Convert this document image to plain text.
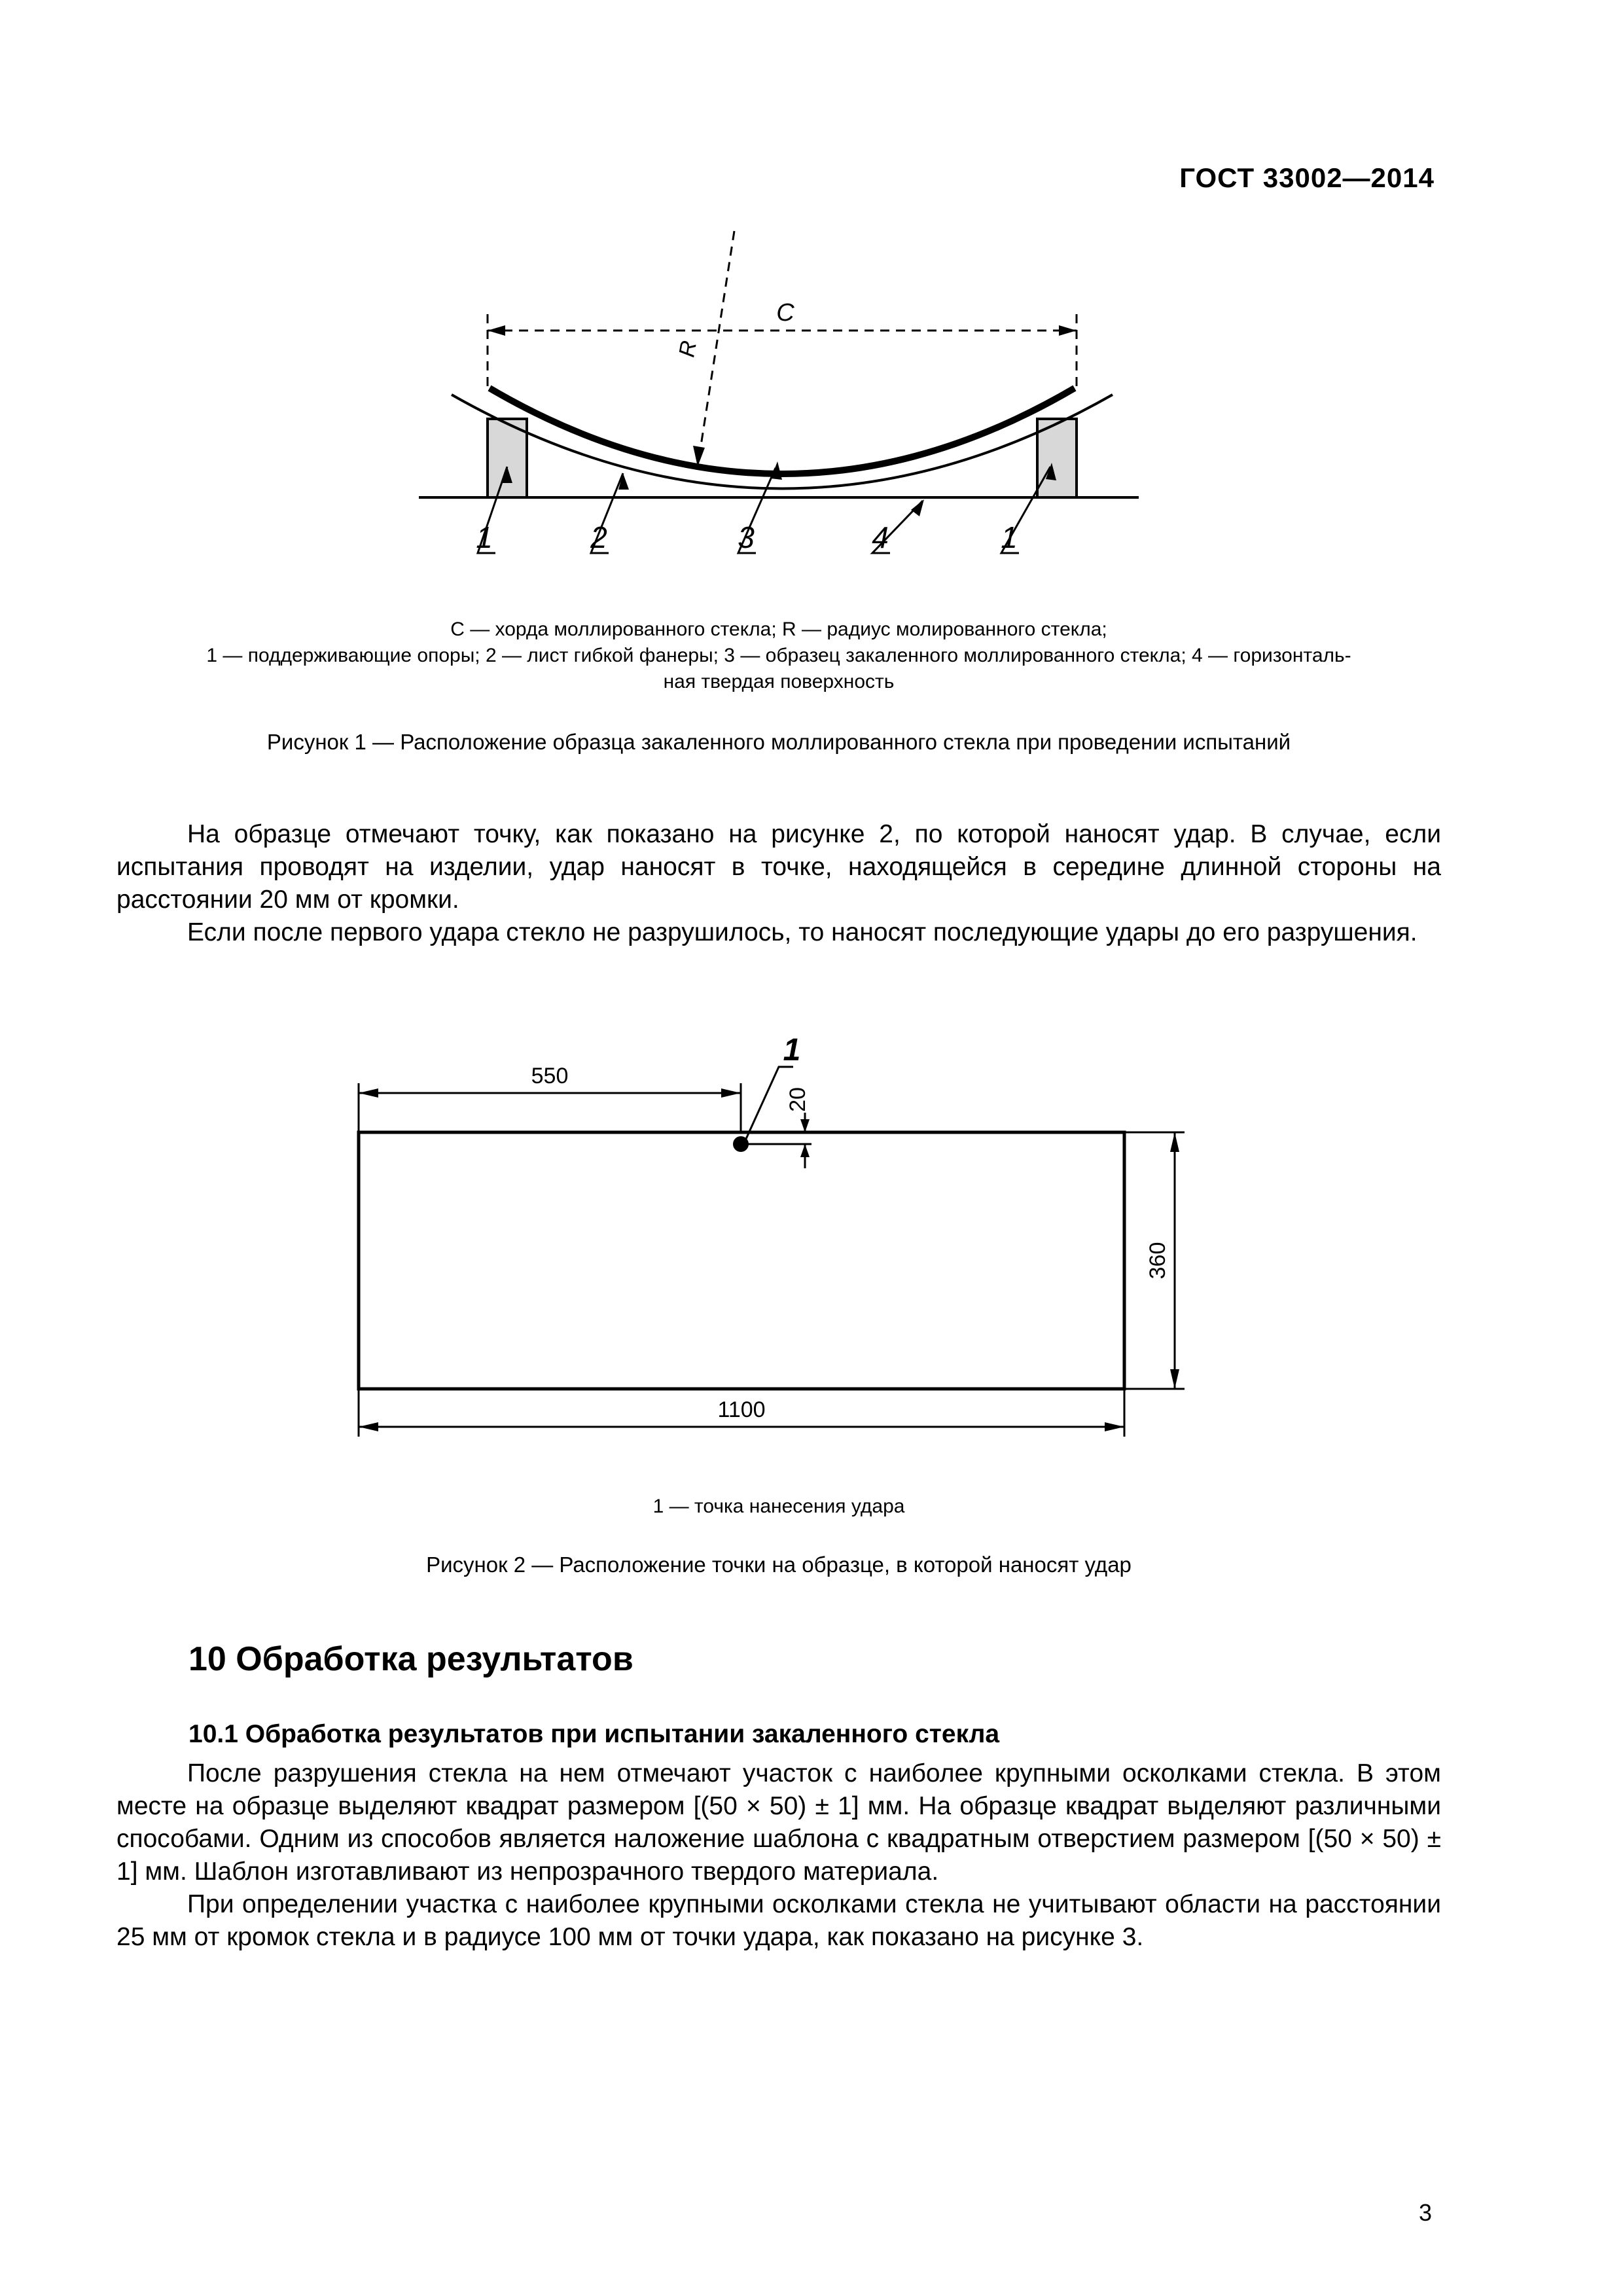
ГОСТ 33002—2014
C
R
1	2	3	4	1
C — хорда моллированного стекла; R — радиус молированного стекла;
1 — поддерживающие опоры; 2 — лист гибкой фанеры; 3 — образец закаленного моллированного стекла; 4 — горизонталь-
ная твердая поверхность
Рисунок 1 — Расположение образца закаленного моллированного стекла при проведении испытаний

На образце отмечают точку, как показано на рисунке 2, по которой наносят удар. В случае, если испытания проводят на изделии, удар наносят в точке, находящейся в середине длинной стороны на расстоянии 20 мм от кромки.

Если после первого удара стекло не разрушилось, то наносят последующие удары до его разрушения.

550
20
1
360
1100
1 — точка нанесения удара
Рисунок 2 — Расположение точки на образце, в которой наносят удар
10 Обработка результатов
10.1 Обработка результатов при испытании закаленного стекла

После разрушения стекла на нем отмечают участок с наиболее крупными осколками стекла. В этом месте на образце выделяют квадрат размером [(50 × 50) ± 1] мм. На образце квадрат выделяют различными способами. Одним из способов является наложение шаблона с квадратным отверстием размером [(50 × 50) ± 1] мм. Шаблон изготавливают из непрозрачного твердого материала.

При определении участка с наиболее крупными осколками стекла не учитывают области на расстоянии 25 мм от кромок стекла и в радиусе 100 мм от точки удара, как показано на рисунке 3.

3
